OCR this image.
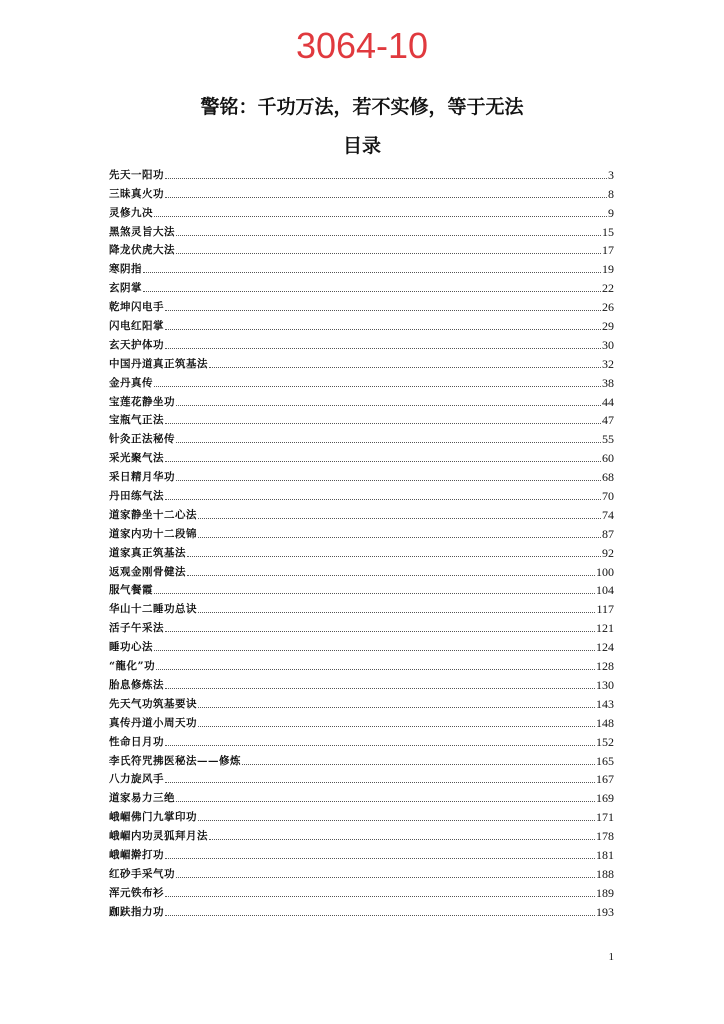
3064-10
警铭：千功万法，若不实修，等于无法
目录
先天一阳功	3
三昧真火功	8
灵修九决	9
黑煞灵旨大法	15
降龙伏虎大法	17
寒阴指	19
玄阴掌	22
乾坤闪电手	26
闪电红阳掌	29
玄天护体功	30
中国丹道真正筑基法	32
金丹真传	38
宝莲花静坐功	44
宝瓶气正法	47
针灸正法秘传	55
采光聚气法	60
采日精月华功	68
丹田练气法	70
道家静坐十二心法	74
道家内功十二段锦	87
道家真正筑基法	92
返观金刚骨健法	100
服气餐霞	104
华山十二睡功总诀	117
活子午采法	121
睡功心法	124
“龍化”功	128
胎息修炼法	130
先天气功筑基要诀	143
真传丹道小周天功	148
性命日月功	152
李氏符咒拂医秘法——修炼	165
八力旋风手	167
道家易力三绝	169
峨嵋佛门九掌印功	171
峨嵋内功灵狐拜月法	178
峨嵋擀打功	181
红砂手采气功	188
浑元铁布衫	189
跏趺指力功	193
1
